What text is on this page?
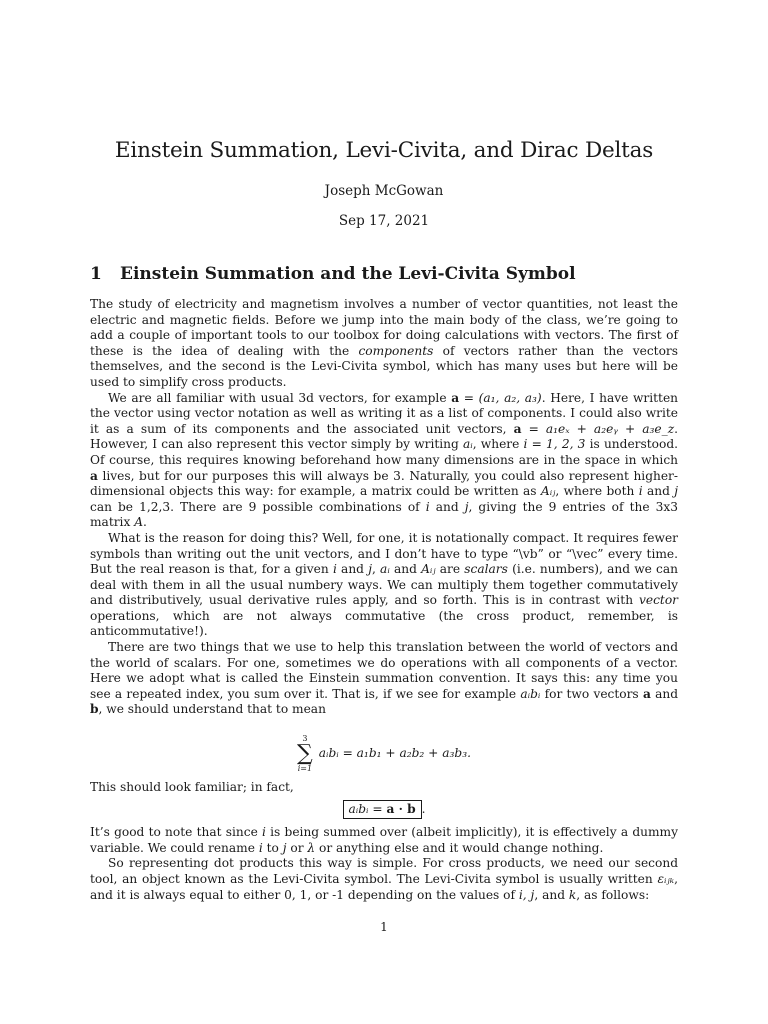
Einstein Summation, Levi-Civita, and Dirac Deltas
Joseph McGowan
Sep 17, 2021
1 Einstein Summation and the Levi-Civita Symbol

The study of electricity and magnetism involves a number of vector quantities, not least the electric and magnetic fields. Before we jump into the main body of the class, we’re going to add a couple of important tools to our toolbox for doing calculations with vectors. The first of these is the idea of dealing with the components of vectors rather than the vectors themselves, and the second is the Levi-Civita symbol, which has many uses but here will be used to simplify cross products.

We are all familiar with usual 3d vectors, for example a = (a₁, a₂, a₃). Here, I have written the vector using vector notation as well as writing it as a list of components. I could also write it as a sum of its components and the associated unit vectors, a = a₁eₓ + a₂eᵧ + a₃e_z. However, I can also represent this vector simply by writing aᵢ, where i = 1, 2, 3 is understood. Of course, this requires knowing beforehand how many dimensions are in the space in which a lives, but for our purposes this will always be 3. Naturally, you could also represent higher-dimensional objects this way: for example, a matrix could be written as Aᵢⱼ, where both i and j can be 1,2,3. There are 9 possible combinations of i and j, giving the 9 entries of the 3x3 matrix A.

What is the reason for doing this? Well, for one, it is notationally compact. It requires fewer symbols than writing out the unit vectors, and I don’t have to type “\vb” or “\vec” every time. But the real reason is that, for a given i and j, aᵢ and Aᵢⱼ are scalars (i.e. numbers), and we can deal with them in all the usual numbery ways. We can multiply them together commutatively and distributively, usual derivative rules apply, and so forth. This is in contrast with vector operations, which are not always commutative (the cross product, remember, is anticommutative!).

There are two things that we use to help this translation between the world of vectors and the world of scalars. For one, sometimes we do operations with all components of a vector. Here we adopt what is called the Einstein summation convention. It says this: any time you see a repeated index, you sum over it. That is, if we see for example aᵢbᵢ for two vectors a and b, we should understand that to mean

3
∑
i=1
aᵢbᵢ = a₁b₁ + a₂b₂ + a₃b₃.

This should look familiar; in fact,

aᵢbᵢ = a · b .

It’s good to note that since i is being summed over (albeit implicitly), it is effectively a dummy variable. We could rename i to j or λ or anything else and it would change nothing.

So representing dot products this way is simple. For cross products, we need our second tool, an object known as the Levi-Civita symbol. The Levi-Civita symbol is usually written εᵢⱼₖ, and it is always equal to either 0, 1, or -1 depending on the values of i, j, and k, as follows:

1
